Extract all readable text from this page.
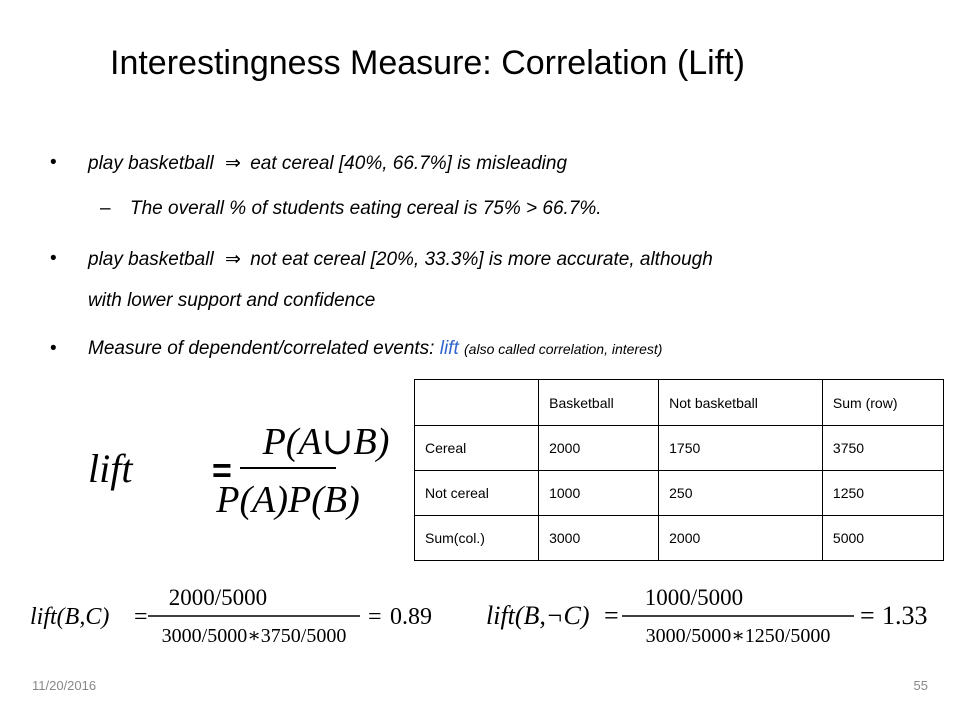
Interestingness Measure: Correlation (Lift)
• play basketball ⇒ eat cereal [40%, 66.7%] is misleading
– The overall % of students eating cereal is 75% > 66.7%.
• play basketball ⇒ not eat cereal [20%, 33.3%] is more accurate, although
with lower support and confidence
• Measure of dependent/correlated events: lift (also called correlation, interest)
lift =
P(A∪B)
P(A)P(B)
	Basketball	Not basketball	Sum (row)
Cereal	2000	1750	3750
Not cereal	1000	250	1250
Sum(col.)	3000	2000	5000
lift(B,C) =
2000/5000
3000/5000∗3750/5000
= 0.89 lift(B,¬C) =
1000/5000
3000/5000∗1250/5000
= 1.33
11/20/2016	55
